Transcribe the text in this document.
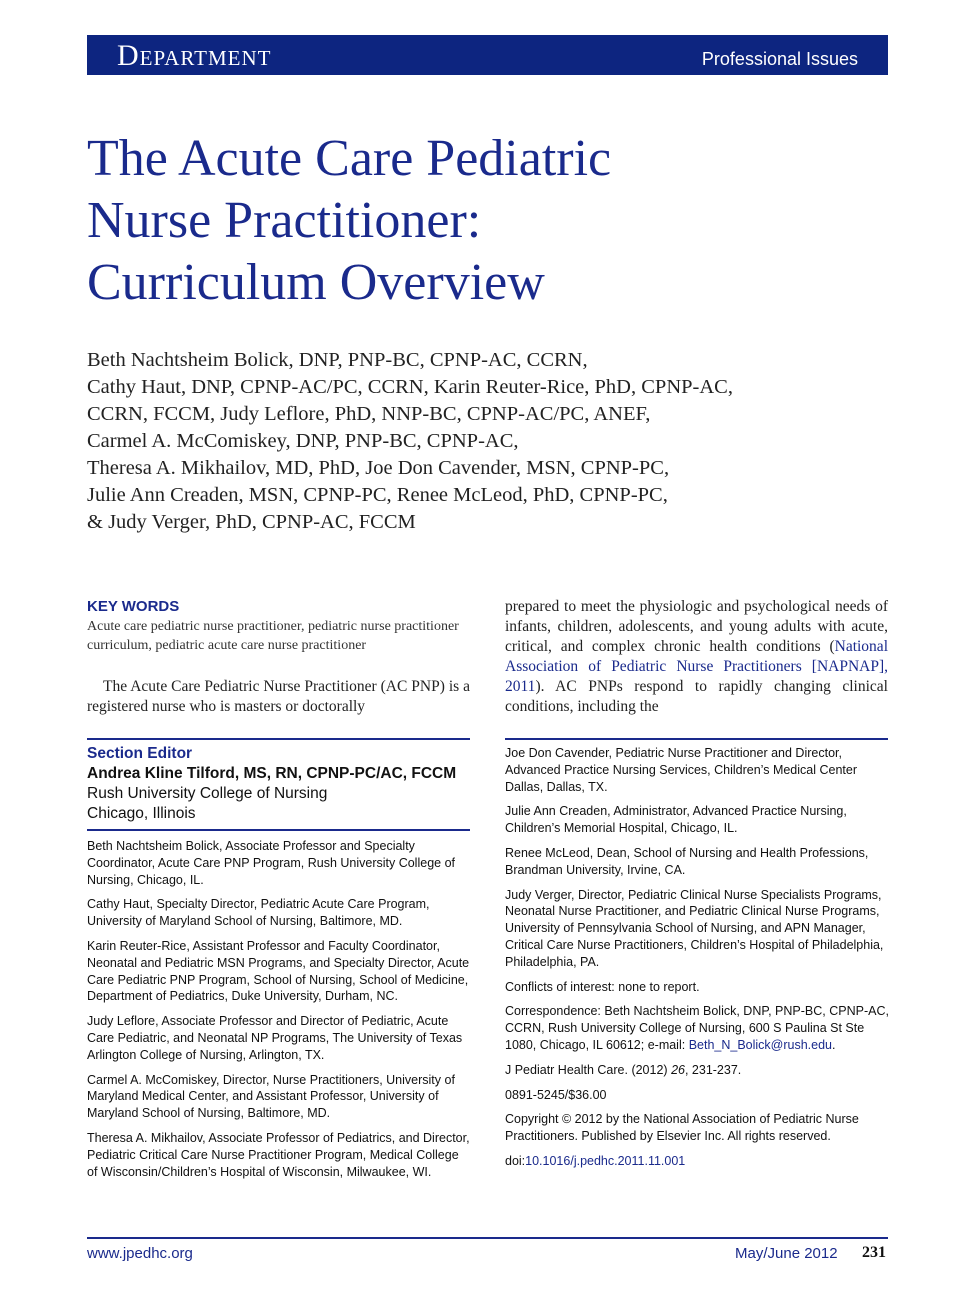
Department	Professional Issues
The Acute Care Pediatric
Nurse Practitioner:
Curriculum Overview
Beth Nachtsheim Bolick, DNP, PNP-BC, CPNP-AC, CCRN,
Cathy Haut, DNP, CPNP-AC/PC, CCRN, Karin Reuter-Rice, PhD, CPNP-AC,
CCRN, FCCM, Judy Leflore, PhD, NNP-BC, CPNP-AC/PC, ANEF,
Carmel A. McComiskey, DNP, PNP-BC, CPNP-AC,
Theresa A. Mikhailov, MD, PhD, Joe Don Cavender, MSN, CPNP-PC,
Julie Ann Creaden, MSN, CPNP-PC, Renee McLeod, PhD, CPNP-PC,
& Judy Verger, PhD, CPNP-AC, FCCM
KEY WORDS
Acute care pediatric nurse practitioner, pediatric nurse practitioner curriculum, pediatric acute care nurse practitioner
The Acute Care Pediatric Nurse Practitioner (AC PNP) is a registered nurse who is masters or doctorally
prepared to meet the physiologic and psychological needs of infants, children, adolescents, and young adults with acute, critical, and complex chronic health conditions (National Association of Pediatric Nurse Practitioners [NAPNAP], 2011). AC PNPs respond to rapidly changing clinical conditions, including the
Section Editor
Andrea Kline Tilford, MS, RN, CPNP-PC/AC, FCCM
Rush University College of Nursing
Chicago, Illinois

Beth Nachtsheim Bolick, Associate Professor and Specialty Coordinator, Acute Care PNP Program, Rush University College of Nursing, Chicago, IL.

Cathy Haut, Specialty Director, Pediatric Acute Care Program, University of Maryland School of Nursing, Baltimore, MD.

Karin Reuter-Rice, Assistant Professor and Faculty Coordinator, Neonatal and Pediatric MSN Programs, and Specialty Director, Acute Care Pediatric PNP Program, School of Nursing, School of Medicine, Department of Pediatrics, Duke University, Durham, NC.

Judy Leflore, Associate Professor and Director of Pediatric, Acute Care Pediatric, and Neonatal NP Programs, The University of Texas Arlington College of Nursing, Arlington, TX.

Carmel A. McComiskey, Director, Nurse Practitioners, University of Maryland Medical Center, and Assistant Professor, University of Maryland School of Nursing, Baltimore, MD.

Theresa A. Mikhailov, Associate Professor of Pediatrics, and Director, Pediatric Critical Care Nurse Practitioner Program, Medical College of Wisconsin/Children’s Hospital of Wisconsin, Milwaukee, WI.

Joe Don Cavender, Pediatric Nurse Practitioner and Director, Advanced Practice Nursing Services, Children’s Medical Center Dallas, Dallas, TX.

Julie Ann Creaden, Administrator, Advanced Practice Nursing, Children’s Memorial Hospital, Chicago, IL.

Renee McLeod, Dean, School of Nursing and Health Professions, Brandman University, Irvine, CA.

Judy Verger, Director, Pediatric Clinical Nurse Specialists Programs, Neonatal Nurse Practitioner, and Pediatric Clinical Nurse Programs, University of Pennsylvania School of Nursing, and APN Manager, Critical Care Nurse Practitioners, Children’s Hospital of Philadelphia, Philadelphia, PA.

Conflicts of interest: none to report.

Correspondence: Beth Nachtsheim Bolick, DNP, PNP-BC, CPNP-AC, CCRN, Rush University College of Nursing, 600 S Paulina St Ste 1080, Chicago, IL 60612; e-mail: Beth_N_Bolick@rush.edu.

J Pediatr Health Care. (2012) 26, 231-237.

0891-5245/$36.00

Copyright © 2012 by the National Association of Pediatric Nurse Practitioners. Published by Elsevier Inc. All rights reserved.

doi:10.1016/j.pedhc.2011.11.001

www.jpedhc.org	May/June 2012 231
